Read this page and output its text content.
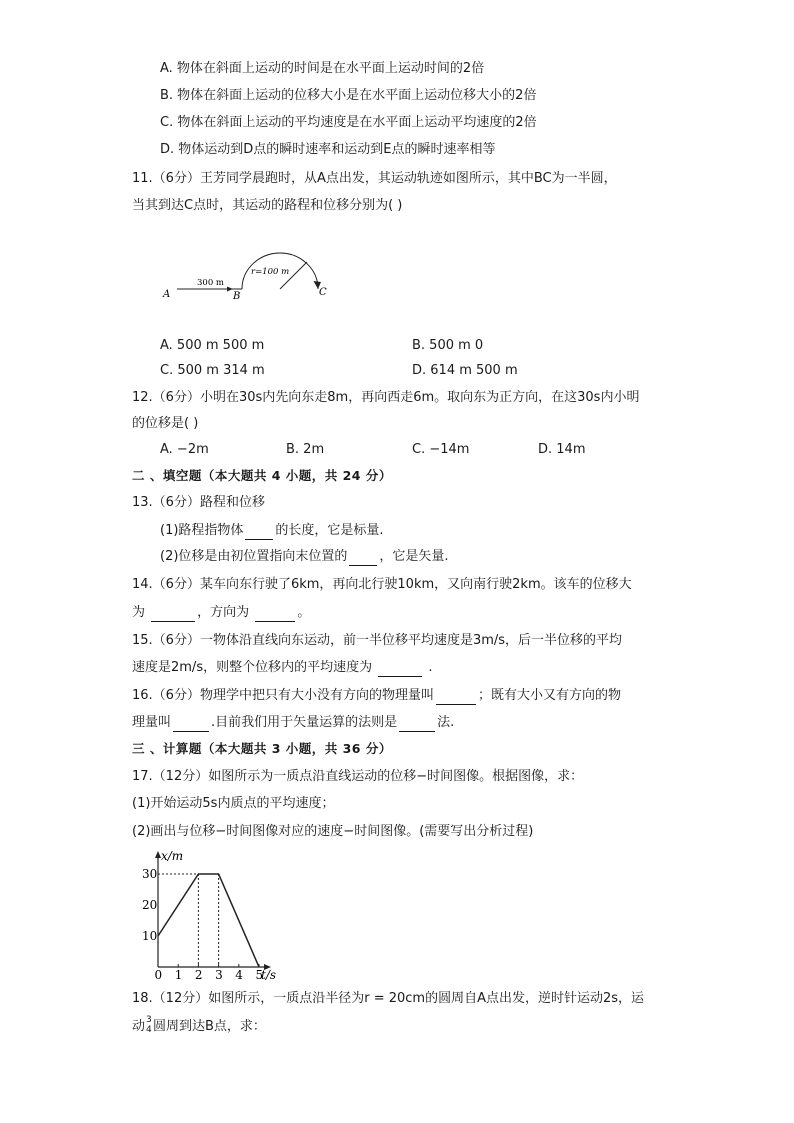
A. 物体在斜面上运动的时间是在水平面上运动时间的2倍
B. 物体在斜面上运动的位移大小是在水平面上运动位移大小的2倍
C. 物体在斜面上运动的平均速度是在水平面上运动平均速度的2倍
D. 物体运动到D点的瞬时速率和运动到E点的瞬时速率相等
11.（6分）王芳同学晨跑时，从A点出发，其运动轨迹如图所示，其中BC为一半圆，
当其到达C点时，其运动的路程和位移分别为( )
A	B	C
300 m
r=100 m
A. 500 m 500 m	B. 500 m 0
C. 500 m 314 m	D. 614 m 500 m
12.（6分）小明在30s内先向东走8m，再向西走6m。取向东为正方向，在这30s内小明
的位移是( )
A. −2m	B. 2m	C. −14m	D. 14m
二 、填空题（本大题共 4 小题，共 24 分）
13.（6分）路程和位移
(1)路程指物体 的长度，它是标量.
(2)位移是由初位置指向末位置的 ，它是矢量.
14.（6分）某车向东行驶了6km，再向北行驶10km，又向南行驶2km。该车的位移大
为	，方向为	。
15.（6分）一物体沿直线向东运动，前一半位移平均速度是3m/s，后一半位移的平均
速度是2m/s，则整个位移内的平均速度为	.
16.（6分）物理学中把只有大小没有方向的物理量叫	；既有大小又有方向的物
理量叫	.目前我们用于矢量运算的法则是	法.
三 、计算题（本大题共 3 小题，共 36 分）
17.（12分）如图所示为一质点沿直线运动的位移−时间图像。根据图像，求：
(1)开始运动5s内质点的平均速度；
(2)画出与位移−时间图像对应的速度−时间图像。(需要写出分析过程)
x/m
t/s
0 1 2 3 4 5
10
20
30
18.（12分）如图所示，一质点沿半径为r = 20cm的圆周自A点出发，逆时针运动2s，运
动 3
4 圆周到达B点，求：
